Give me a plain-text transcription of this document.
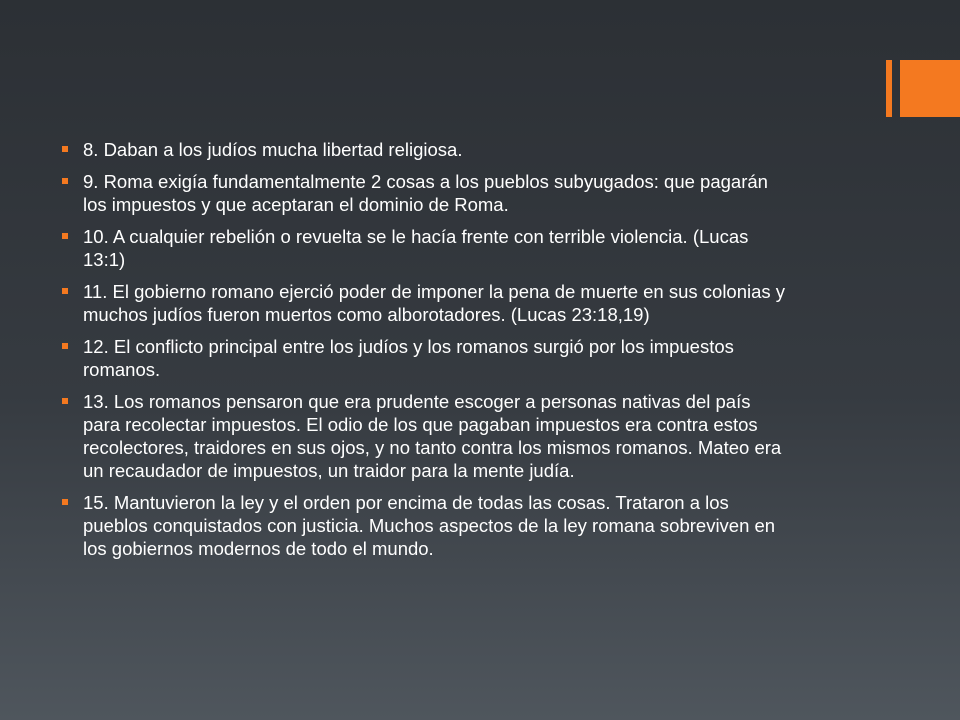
8. Daban a los judíos mucha libertad religiosa.
9. Roma exigía fundamentalmente 2 cosas a los pueblos subyugados: que pagarán los impuestos y que aceptaran el dominio de Roma.
10. A cualquier rebelión o revuelta se le hacía frente con terrible violencia. (Lucas 13:1)
11. El gobierno romano ejerció poder de imponer la pena de muerte en sus colonias y muchos judíos fueron muertos como alborotadores. (Lucas 23:18,19)
12. El conflicto principal entre los judíos y los romanos surgió por los impuestos romanos.
13. Los romanos pensaron que era prudente escoger a personas nativas del país para recolectar impuestos. El odio de los que pagaban impuestos era contra estos recolectores, traidores en sus ojos, y no tanto contra los mismos romanos. Mateo era un recaudador de impuestos, un traidor para la mente judía.
15. Mantuvieron la ley y el orden por encima de todas las cosas. Trataron a los pueblos conquistados con justicia. Muchos aspectos de la ley romana sobreviven en los gobiernos modernos de todo el mundo.
